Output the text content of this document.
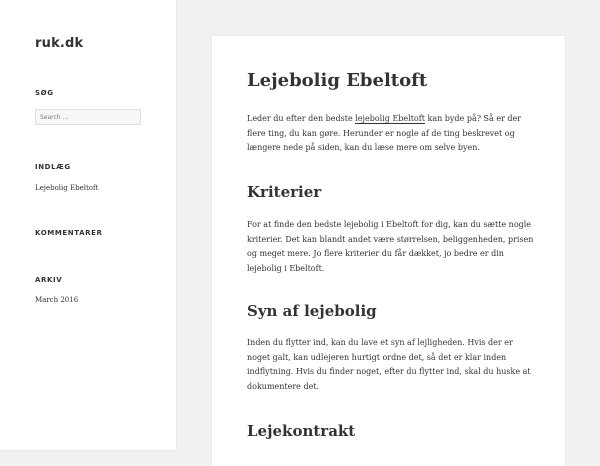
ruk.dk
SØG
Search …
INDLÆG
Lejebolig Ebeltoft
KOMMENTARER
ARKIV
March 2016
Lejebolig Ebeltoft

Leder du efter den bedste lejebolig Ebeltoft kan byde på? Så er der flere ting, du kan gøre. Herunder er nogle af de ting beskrevet og længere nede på siden, kan du læse mere om selve byen.

Kriterier

For at finde den bedste lejebolig i Ebeltoft for dig, kan du sætte nogle kriterier. Det kan blandt andet være størrelsen, beliggenheden, prisen og meget mere. Jo flere kriterier du får dækket, jo bedre er din lejebolig i Ebeltoft.

Syn af lejebolig

Inden du flytter ind, kan du lave et syn af lejligheden. Hvis der er noget galt, kan udlejeren hurtigt ordne det, så det er klar inden indflytning. Hvis du finder noget, efter du flytter ind, skal du huske at dokumentere det.

Lejekontrakt
